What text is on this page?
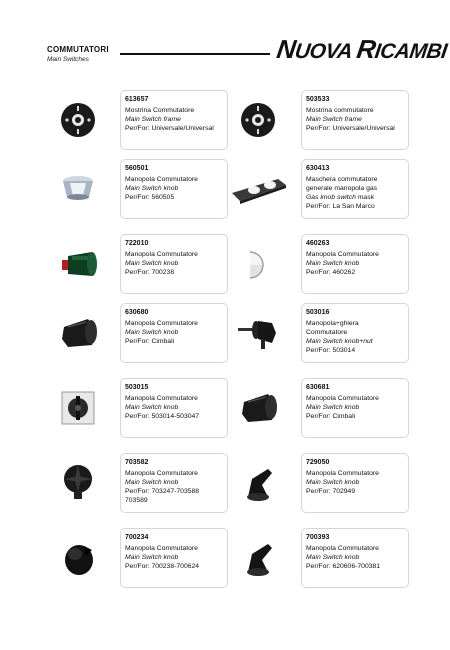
COMMUTATORI
Main Switches	NUOVA RICAMBI
613657
Mostrina Commutatore
Main Switch frame
Per/For: Universale/Universal
503533
Mostrina commutatore
Main Switch frame
Per/For: Universale/Universal
560501
Manopola Commutatore
Main Switch knob
Per/For: 560505
630413
Maschera commutatore
generale manopola gas
Gas knob switch mask
Per/For: La San Marco
722010
Manopola Commutatore
Main Switch knob
Per/For: 700238
460263
Manopola Commutatore
Main Switch knob
Per/For: 460262
630680
Manopola Commutatore
Main Switch knob
Per/For: Cimbali
503016
Manopola+ghiera
Commutatore
Main Switch knob+nut
Per/For: 503014
503015
Manopola Commutatore
Main Switch knob
Per/For: 503014-503047
630681
Manopola Commutatore
Main Switch knob
Per/For: Cimbali
703582
Manopola Commutatore
Main Switch knob
Per/For: 703247-703588
703589
729050
Manopola Commutatore
Main Switch knob
Per/For: 702949
700234
Manopola Commutatore
Main Switch knob
Per/For: 700238-700624
700393
Manopola Commutatore
Main Switch knob
Per/For: 620606-700381
